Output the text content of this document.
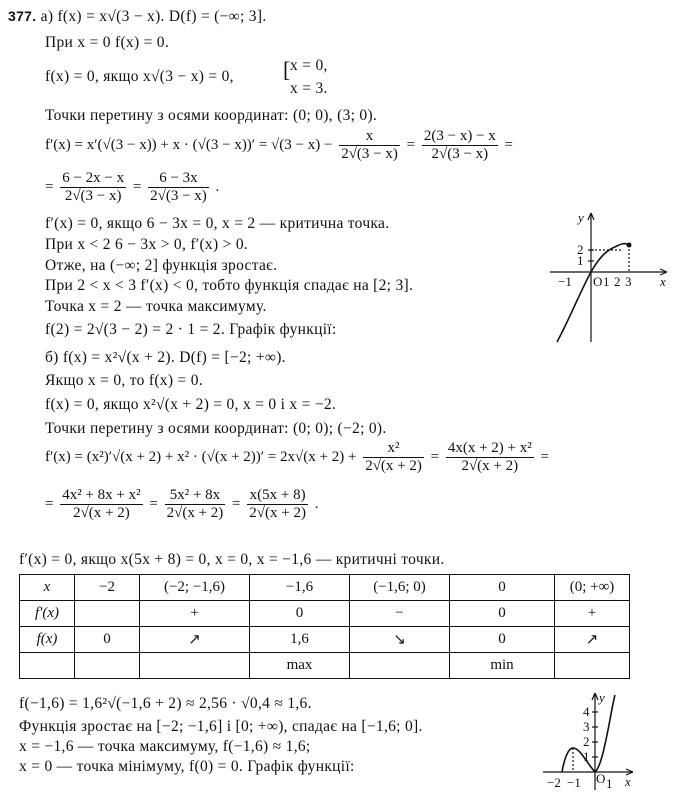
377. а) f(x) = x√(3 − x). D(f) = (−∞; 3].
При x = 0 f(x) = 0.
f(x) = 0, якщо x√(3 − x) = 0, [ x = 0,
x = 3.
Точки перетину з осями координат: (0; 0), (3; 0).
$f'(x) = x'(√(3 - x)) + x \cdot (√(3 - x))' = √(3 - x) - \frac{x}{2√(3 - x)} = \frac{2(3 - x) - x}{2√(3 - x)}$ =
= $\frac{6 - 2x - x}{2√(3 - x)} = \frac{6 - 3x}{2√(3 - x)}$ .
f′(x) = 0, якщо 6 − 3x = 0, x = 2 — критична точка.
При x < 2 6 − 3x > 0, f′(x) > 0.
Отже, на (−∞; 2] функція зростає.
При 2 < x < 3 f′(x) < 0, тобто функція спадає на [2; 3].
Точка x = 2 — точка максимуму.
f(2) = 2√(3 − 2) = 2 · 1 = 2. Графік функції:
y
x
O
2
1
−1 1 2 3
б) f(x) = x²√(x + 2). D(f) = [−2; +∞).
Якщо x = 0, то f(x) = 0.
f(x) = 0, якщо x²√(x + 2) = 0, x = 0 і x = −2.
Точки перетину з осями координат: (0; 0); (−2; 0).
$f'(x) = (x^2)'√(x + 2) + x^2 \cdot (√(x + 2))' = 2x√(x + 2) + \frac{\text{x²}}{2√(x + 2)} = \frac{\text{4x(x + 2) + x²}}{2√(x + 2)}$ =
= $\frac{\text{4x² + 8x + x²}}{2√(x + 2)} = \frac{\text{5x² + 8x}}{2√(x + 2)} = \frac{x(5x + 8)}{2√(x + 2)}$ .
f′(x) = 0, якщо x(5x + 8) = 0, x = 0, x = −1,6 — критичні точки.
x	−2	(−2; −1,6)	−1,6	(−1,6; 0)	0	(0; +∞)
f′(x)		+	0	−	0	+
f(x)	0	↗	1,6	↘	0	↗
			max		min	
f(−1,6) = 1,6²√(−1,6 + 2) ≈ 2,56 · √0,4 ≈ 1,6.
Функція зростає на [−2; −1,6] і [0; +∞), спадає на [−1,6; 0].
x = −1,6 — точка максимуму, f(−1,6) ≈ 1,6;
x = 0 — точка мінімуму, f(0) = 0. Графік функції:
y
x
O
4
3
2
1
−2 −1 1
